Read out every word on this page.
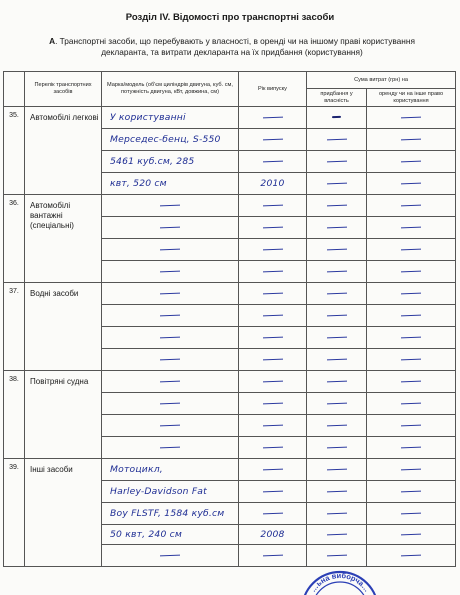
Розділ IV. Відомості про транспортні засоби
А. Транспортні засоби, що перебувають у власності, в оренді чи на іншому праві користування декларанта, та витрати декларанта на їх придбання (користування)
	Перелік транспортних засобів	Марка/модель (об'єм циліндрів двигуна, куб. см, потужність двигуна, кВт, довжина, см)	Рік випуску	Сума витрат (грн) на	
				придбання у власність	оренду чи на інше право користування
35.	Автомобілі легкові	У користуванні			
		Мерседес-бенц, S-550			
		5461 куб.см, 285			
		квт, 520 см	2010		
36.	Автомобілі вантажні (спеціальні)				

37.	Водні засоби				

38.	Повітряні судна				

39.	Інші засоби	Мотоцикл,			
		Harley-Davidson Fat			
		Boy FLSTF, 1584 куб.см			
		50 квт, 240 см	2008		

…ьна виборча…
